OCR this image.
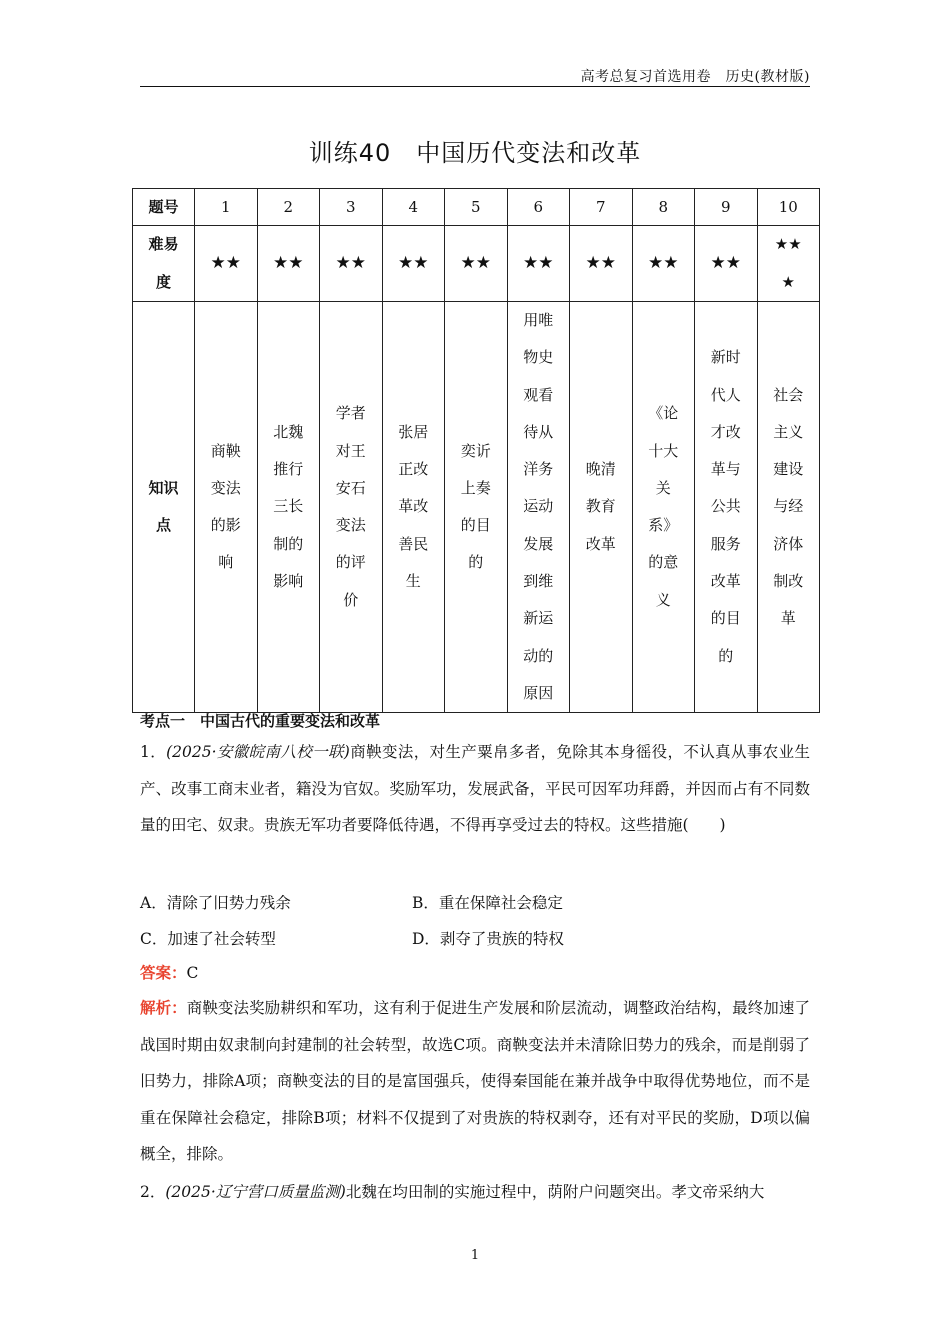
高考总复习首选用卷　历史(教材版)
训练40　中国历代变法和改革
题号	1	2	3	4	5	6	7	8	9	10

难易度	★★	★★	★★	★★	★★	★★	★★	★★	★★	★★★

知识点	商鞅变法的影响	北魏推行三长制的影响	学者对王安石变法的评价	张居正改革改善民生	奕䜣上奏的目的	用唯物史观看待从洋务运动发展到维新运动的原因	晚清教育改革	《论十大关系》的意义	新时代人才改革与公共服务改革的目的	社会主义建设与经济体制改革
考点一　中国古代的重要变法和改革
1．(2025·安徽皖南八校一联)商鞅变法，对生产粟帛多者，免除其本身徭役，不认真从事农业生产、改事工商末业者，籍没为官奴。奖励军功，发展武备，平民可因军功拜爵，并因而占有不同数量的田宅、奴隶。贵族无军功者要降低待遇，不得再享受过去的特权。这些措施(　　)
A．清除了旧势力残余	B．重在保障社会稳定
C．加速了社会转型	D．剥夺了贵族的特权
答案：C
解析：商鞅变法奖励耕织和军功，这有利于促进生产发展和阶层流动，调整政治结构，最终加速了战国时期由奴隶制向封建制的社会转型，故选C项。商鞅变法并未清除旧势力的残余，而是削弱了旧势力，排除A项；商鞅变法的目的是富国强兵，使得秦国能在兼并战争中取得优势地位，而不是重在保障社会稳定，排除B项；材料不仅提到了对贵族的特权剥夺，还有对平民的奖励，D项以偏概全，排除。
2．(2025·辽宁营口质量监测)北魏在均田制的实施过程中，荫附户问题突出。孝文帝采纳大
1
